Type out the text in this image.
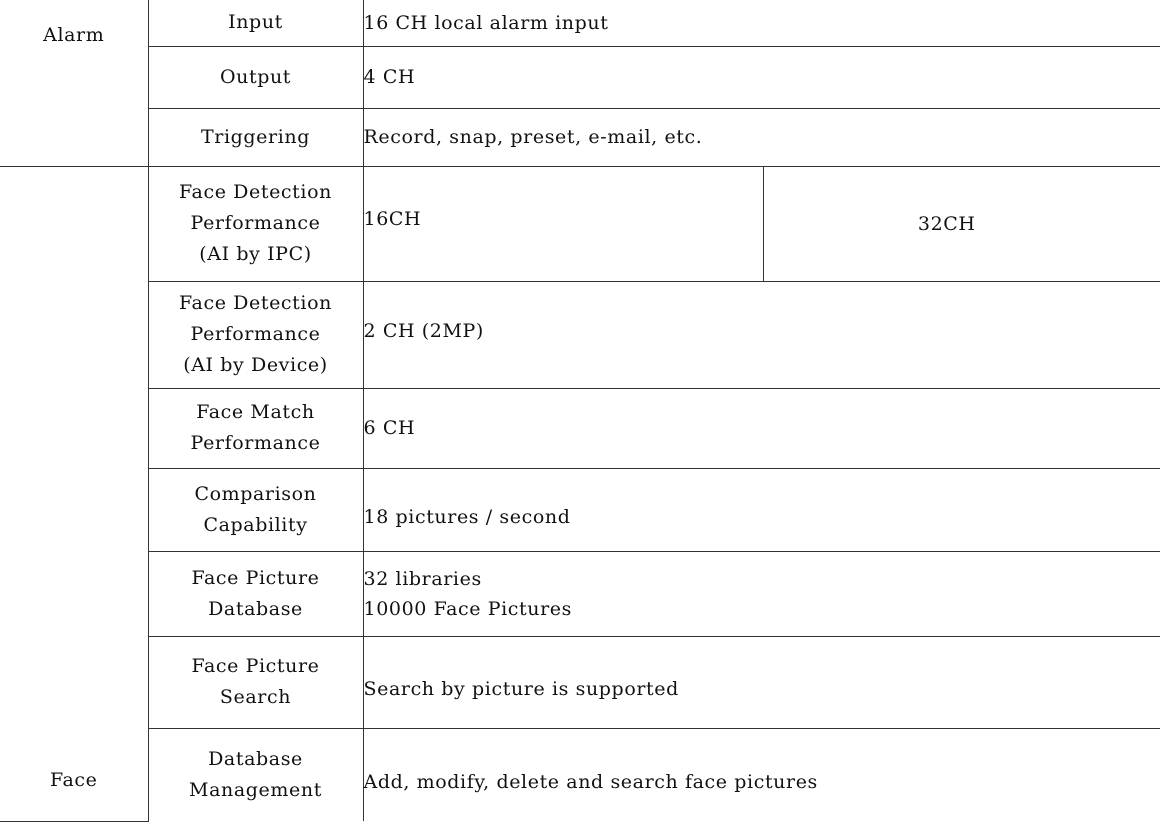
Alarm	Input	16 CH local alarm input	
	Output	4 CH	
	Triggering	Record, snap, preset, e-mail, etc.	
Face	Face Detection
Performance
(AI by IPC)	16CH	32CH

	Face Detection
Performance
(AI by Device)	2 CH (2MP)	

	Face Match
Performance	6 CH	

	Comparison
Capability	18 pictures / second	

	Face Picture
Database	32 libraries
10000 Face Pictures	

	Face Picture
Search	Search by picture is supported	

	Database
Management	Add, modify, delete and search face pictures	
